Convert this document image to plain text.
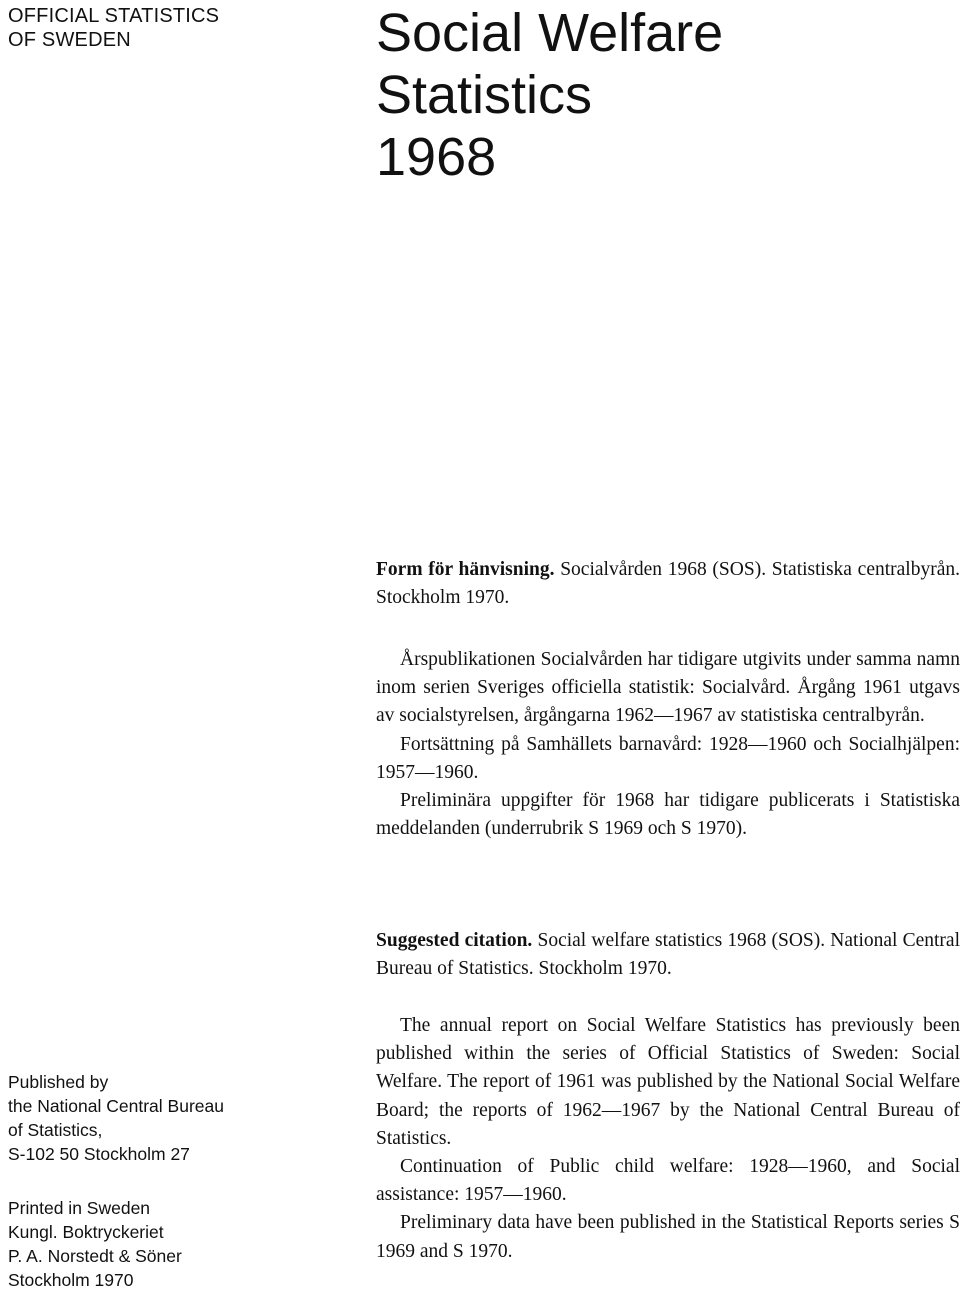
OFFICIAL STATISTICS
OF SWEDEN	Social Welfare
Statistics
1968

Form för hänvisning. Socialvården 1968 (SOS). Statistiska centralbyrån. Stockholm 1970.

Årspublikationen Socialvården har tidigare utgivits under samma namn inom serien Sveriges officiella statistik: Socialvård. Årgång 1961 utgavs av socialstyrelsen, årgångarna 1962—1967 av statistiska centralbyrån.

Fortsättning på Samhällets barnavård: 1928—1960 och Socialhjälpen: 1957—1960.

Preliminära uppgifter för 1968 har tidigare publicerats i Statistiska meddelanden (underrubrik S 1969 och S 1970).

Suggested citation. Social welfare statistics 1968 (SOS). National Central Bureau of Statistics. Stockholm 1970.

The annual report on Social Welfare Statistics has previously been published within the series of Official Statistics of Sweden: Social Welfare. The report of 1961 was published by the National Social Welfare Board; the reports of 1962—1967 by the National Central Bureau of Statistics.

Continuation of Public child welfare: 1928—1960, and Social assistance: 1957—1960.

Preliminary data have been published in the Statistical Reports series S 1969 and S 1970.

Published by
the National Central Bureau
of Statistics,
S-102 50 Stockholm 27
Printed in Sweden
Kungl. Boktryckeriet
P. A. Norstedt & Söner
Stockholm 1970
